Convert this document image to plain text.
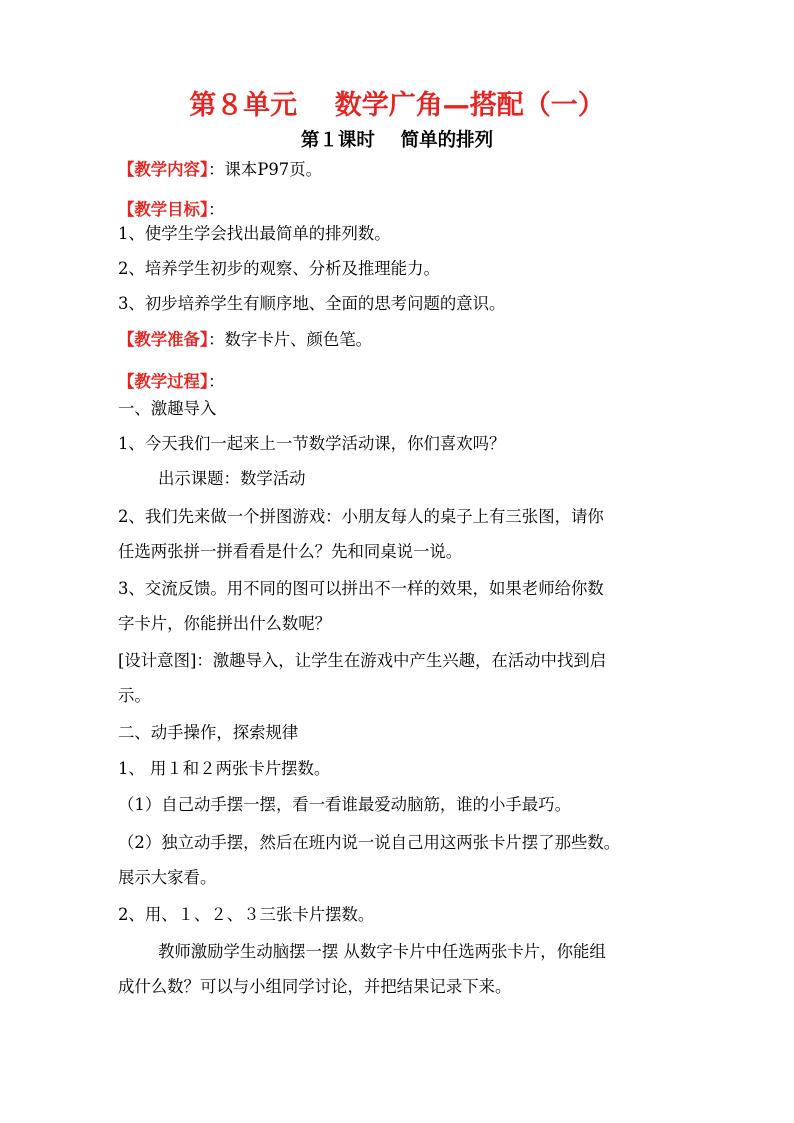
第８单元    数学广角—搭配（一）
第１课时    简单的排列
【教学内容】：课本P97页。
【教学目标】：
1、使学生学会找出最简单的排列数。
2、培养学生初步的观察、分析及推理能力。
3、初步培养学生有顺序地、全面的思考问题的意识。
【教学准备】：数字卡片、颜色笔。
【教学过程】：
一、激趣导入
1、今天我们一起来上一节数学活动课，你们喜欢吗？
出示课题：数学活动
2、我们先来做一个拼图游戏：小朋友每人的桌子上有三张图，请你
任选两张拼一拼看看是什么？先和同桌说一说。
3、交流反馈。用不同的图可以拼出不一样的效果，如果老师给你数
字卡片，你能拼出什么数呢？
[设计意图]：激趣导入，让学生在游戏中产生兴趣，在活动中找到启
示。
二、动手操作，探索规律
1、 用１和２两张卡片摆数。
（1）自己动手摆一摆，看一看谁最爱动脑筋，谁的小手最巧。
（2）独立动手摆，然后在班内说一说自己用这两张卡片摆了那些数。
展示大家看。
2、用、１、２、３三张卡片摆数。
教师激励学生动脑摆一摆 从数字卡片中任选两张卡片，你能组
成什么数？可以与小组同学讨论，并把结果记录下来。
